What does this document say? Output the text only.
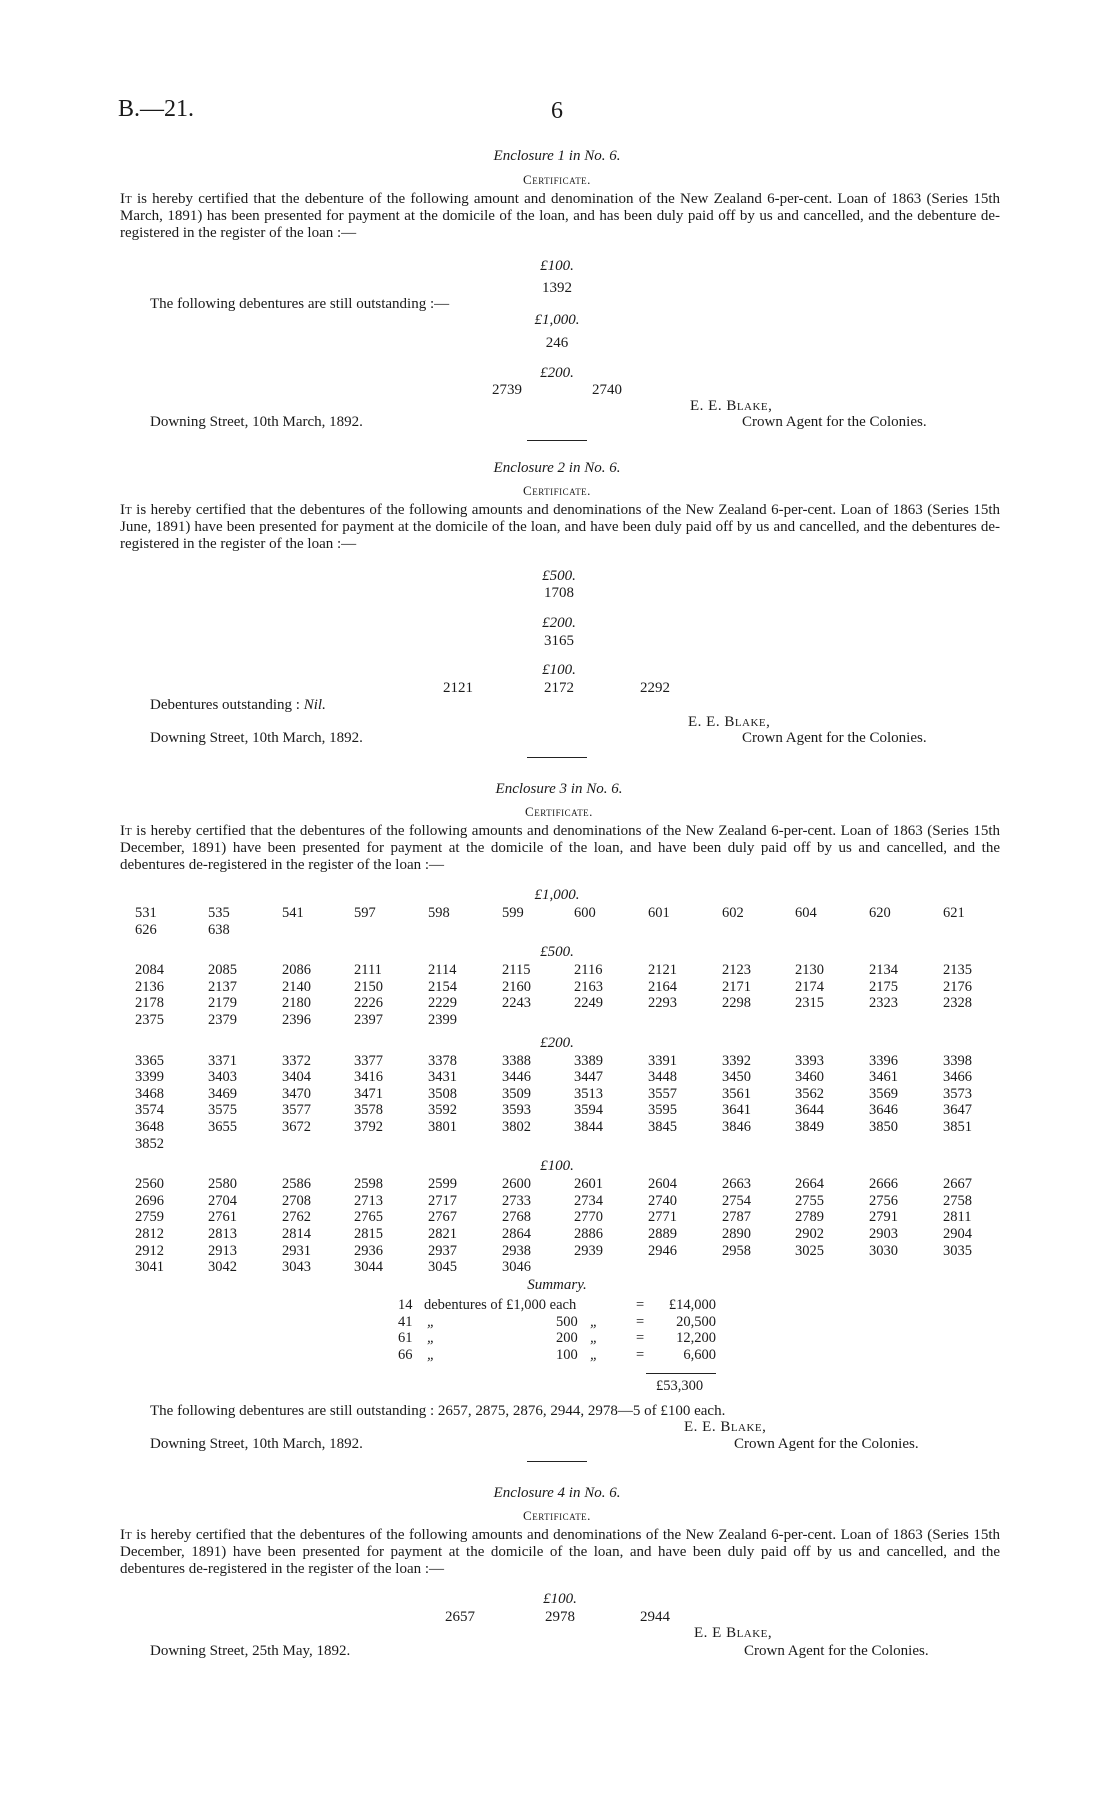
B.—21.	6
Enclosure 1 in No. 6.
Certificate.
It is hereby certified that the debenture of the following amount and denomination of the New Zealand 6-per-cent. Loan of 1863 (Series 15th March, 1891) has been presented for payment at the domicile of the loan, and has been duly paid off by us and cancelled, and the debenture de-registered in the register of the loan :—
£100.
1392
The following debentures are still outstanding :—
£1,000.
246
£200.
2739	2740
E. E. Blake,
Crown Agent for the Colonies.
Downing Street, 10th March, 1892.
Enclosure 2 in No. 6.
Certificate.
It is hereby certified that the debentures of the following amounts and denominations of the New Zealand 6-per-cent. Loan of 1863 (Series 15th June, 1891) have been presented for payment at the domicile of the loan, and have been duly paid off by us and cancelled, and the debentures de-registered in the register of the loan :—
£500.
1708
£200.
3165
£100.
2121	2172	2292
Debentures outstanding : Nil.
E. E. Blake,
Downing Street, 10th March, 1892.	Crown Agent for the Colonies.
Enclosure 3 in No. 6.
Certificate.
It is hereby certified that the debentures of the following amounts and denominations of the New Zealand 6-per-cent. Loan of 1863 (Series 15th December, 1891) have been presented for payment at the domicile of the loan, and have been duly paid off by us and cancelled, and the debentures de-registered in the register of the loan :—
£1,000.
531	535	541	597	598	599	600	601	602	604	620	621
626	638
£500.
2084	2085	2086	2111	2114	2115	2116	2121	2123	2130	2134	2135
2136	2137	2140	2150	2154	2160	2163	2164	2171	2174	2175	2176
2178	2179	2180	2226	2229	2243	2249	2293	2298	2315	2323	2328
2375	2379	2396	2397	2399
£200.
3365	3371	3372	3377	3378	3388	3389	3391	3392	3393	3396	3398
3399	3403	3404	3416	3431	3446	3447	3448	3450	3460	3461	3466
3468	3469	3470	3471	3508	3509	3513	3557	3561	3562	3569	3573
3574	3575	3577	3578	3592	3593	3594	3595	3641	3644	3646	3647
3648	3655	3672	3792	3801	3802	3844	3845	3846	3849	3850	3851
3852
£100.
2560	2580	2586	2598	2599	2600	2601	2604	2663	2664	2666	2667
2696	2704	2708	2713	2717	2733	2734	2740	2754	2755	2756	2758
2759	2761	2762	2765	2767	2768	2770	2771	2787	2789	2791	2811
2812	2813	2814	2815	2821	2864	2886	2889	2890	2902	2903	2904
2912	2913	2931	2936	2937	2938	2939	2946	2958	3025	3030	3035
3041	3042	3043	3044	3045	3046
Summary.
14 debentures of £1,000 each	=	£14,000
41 „	500 „	=	20,500
61 „	200 „	=	12,200
66 „	100 „	=	6,600
£53,300
The following debentures are still outstanding : 2657, 2875, 2876, 2944, 2978—5 of £100 each.
E. E. Blake,
Downing Street, 10th March, 1892.	Crown Agent for the Colonies.
Enclosure 4 in No. 6.
Certificate.
It is hereby certified that the debentures of the following amounts and denominations of the New Zealand 6-per-cent. Loan of 1863 (Series 15th December, 1891) have been presented for payment at the domicile of the loan, and have been duly paid off by us and cancelled, and the debentures de-registered in the register of the loan :—
£100.
2657	2978	2944
E. E Blake,
Downing Street, 25th May, 1892.	Crown Agent for the Colonies.
